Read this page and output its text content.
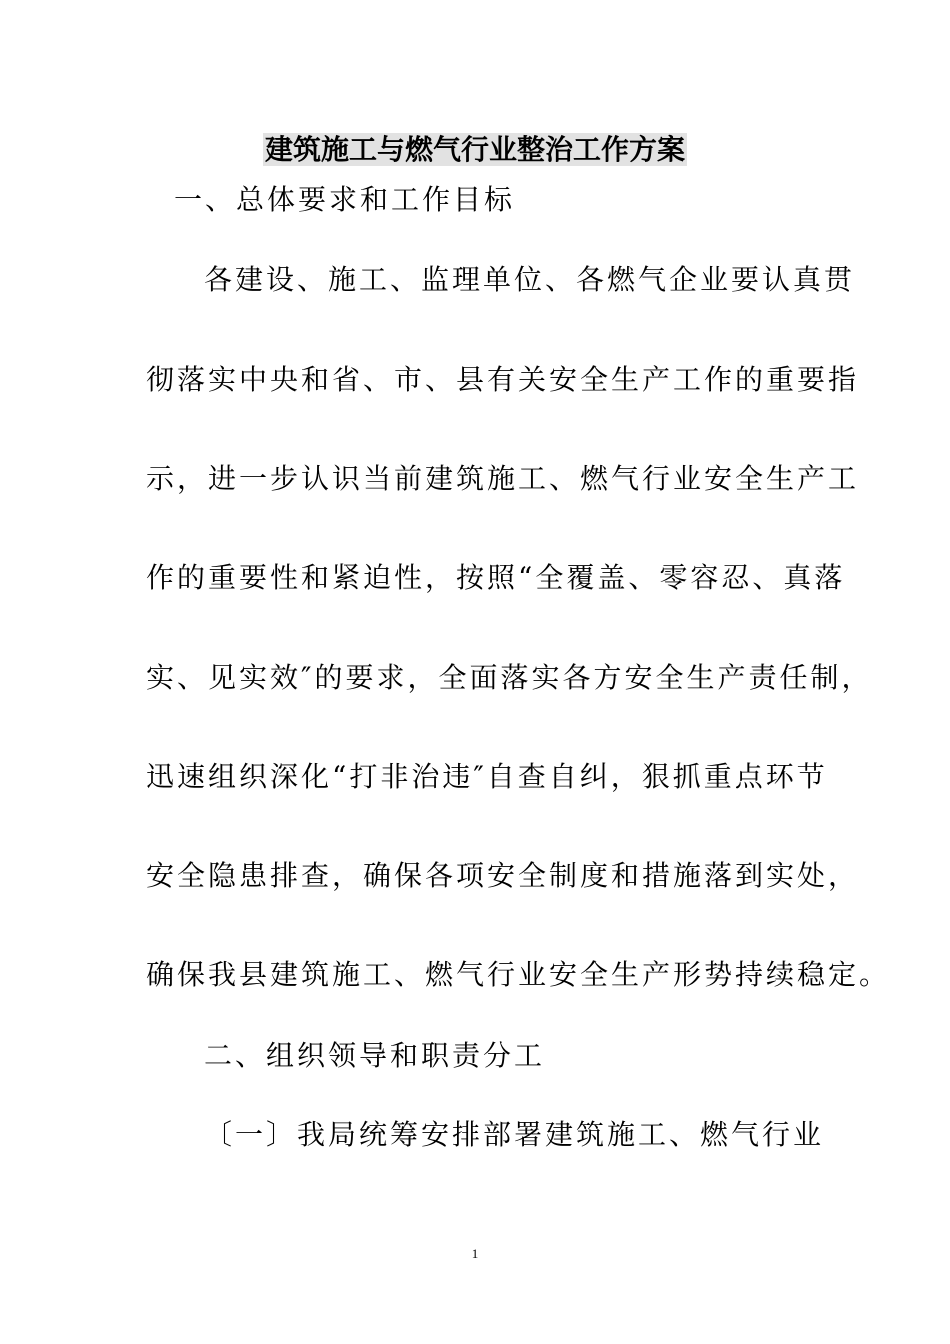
建筑施工与燃气行业整治工作方案
一、总体要求和工作目标
各建设、施工、监理单位、各燃气企业要认真贯
彻落实中央和省、市、县有关安全生产工作的重要指
示，进一步认识当前建筑施工、燃气行业安全生产工
作的重要性和紧迫性，按照“全覆盖、零容忍、真落
实、见实效″的要求，全面落实各方安全生产责任制，
迅速组织深化“打非治违″自查自纠，狠抓重点环节
安全隐患排查，确保各项安全制度和措施落到实处，
确保我县建筑施工、燃气行业安全生产形势持续稳定。
二、组织领导和职责分工
〔一〕我局统筹安排部署建筑施工、燃气行业
1
